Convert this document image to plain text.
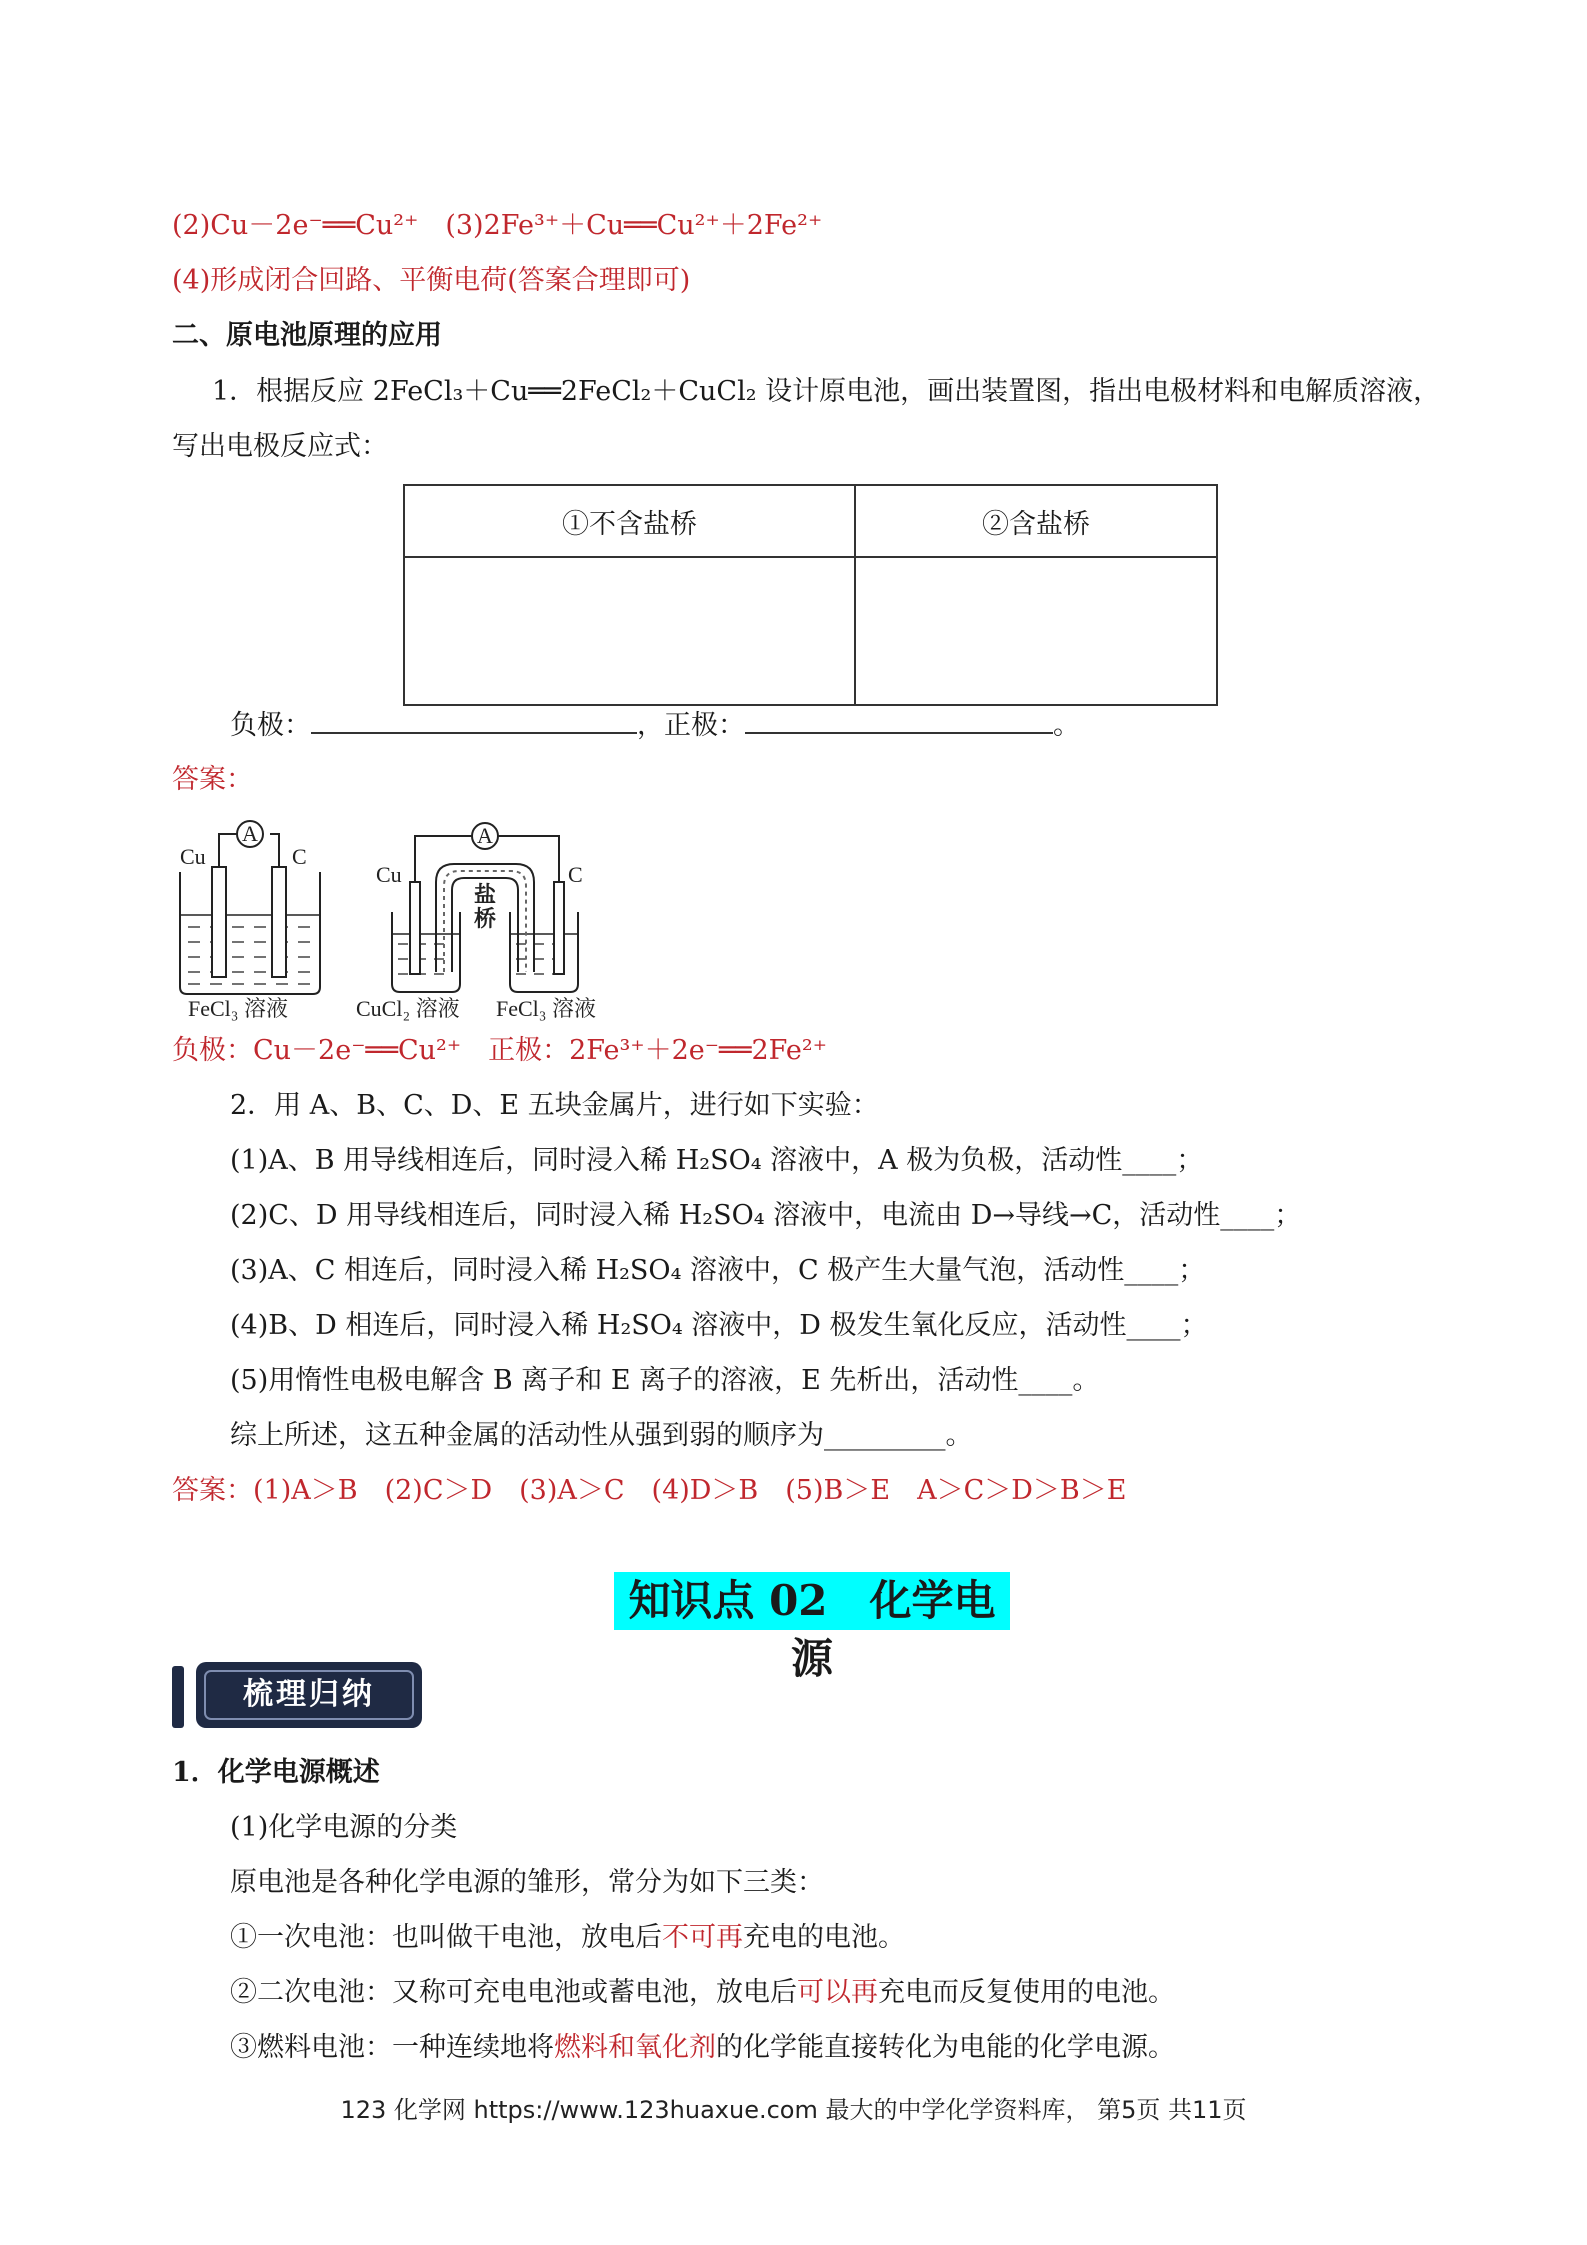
(2)Cu－2e⁻══Cu²⁺　(3)2Fe³⁺＋Cu══Cu²⁺＋2Fe²⁺
(4)形成闭合回路、平衡电荷(答案合理即可)
二、原电池原理的应用
1．根据反应 2FeCl₃＋Cu══2FeCl₂＋CuCl₂ 设计原电池，画出装置图，指出电极材料和电解质溶液，
写出电极反应式：
①不含盐桥	②含盐桥

负极：	，正极：	。
答案：
A
Cu	C
FeCl₃ 溶液
A
Cu	C
盐
桥
CuCl₂ 溶液 FeCl₃ 溶液
负极：Cu－2e⁻══Cu²⁺　正极：2Fe³⁺＋2e⁻══2Fe²⁺
2．用 A、B、C、D、E 五块金属片，进行如下实验：
(1)A、B 用导线相连后，同时浸入稀 H₂SO₄ 溶液中，A 极为负极，活动性____；
(2)C、D 用导线相连后，同时浸入稀 H₂SO₄ 溶液中，电流由 D→导线→C，活动性____；
(3)A、C 相连后，同时浸入稀 H₂SO₄ 溶液中，C 极产生大量气泡，活动性____；
(4)B、D 相连后，同时浸入稀 H₂SO₄ 溶液中，D 极发生氧化反应，活动性____；
(5)用惰性电极电解含 B 离子和 E 离子的溶液，E 先析出，活动性____。
综上所述，这五种金属的活动性从强到弱的顺序为_________。
答案：(1)A＞B　(2)C＞D　(3)A＞C　(4)D＞B　(5)B＞E　A＞C＞D＞B＞E
知识点 02　化学电源
梳理归纳
1．化学电源概述
(1)化学电源的分类
原电池是各种化学电源的雏形，常分为如下三类：
①一次电池：也叫做干电池，放电后不可再充电的电池。
②二次电池：又称可充电电池或蓄电池，放电后可以再充电而反复使用的电池。
③燃料电池：一种连续地将燃料和氧化剂的化学能直接转化为电能的化学电源。
123 化学网 https://www.123huaxue.com 最大的中学化学资料库， 第5页 共11页
